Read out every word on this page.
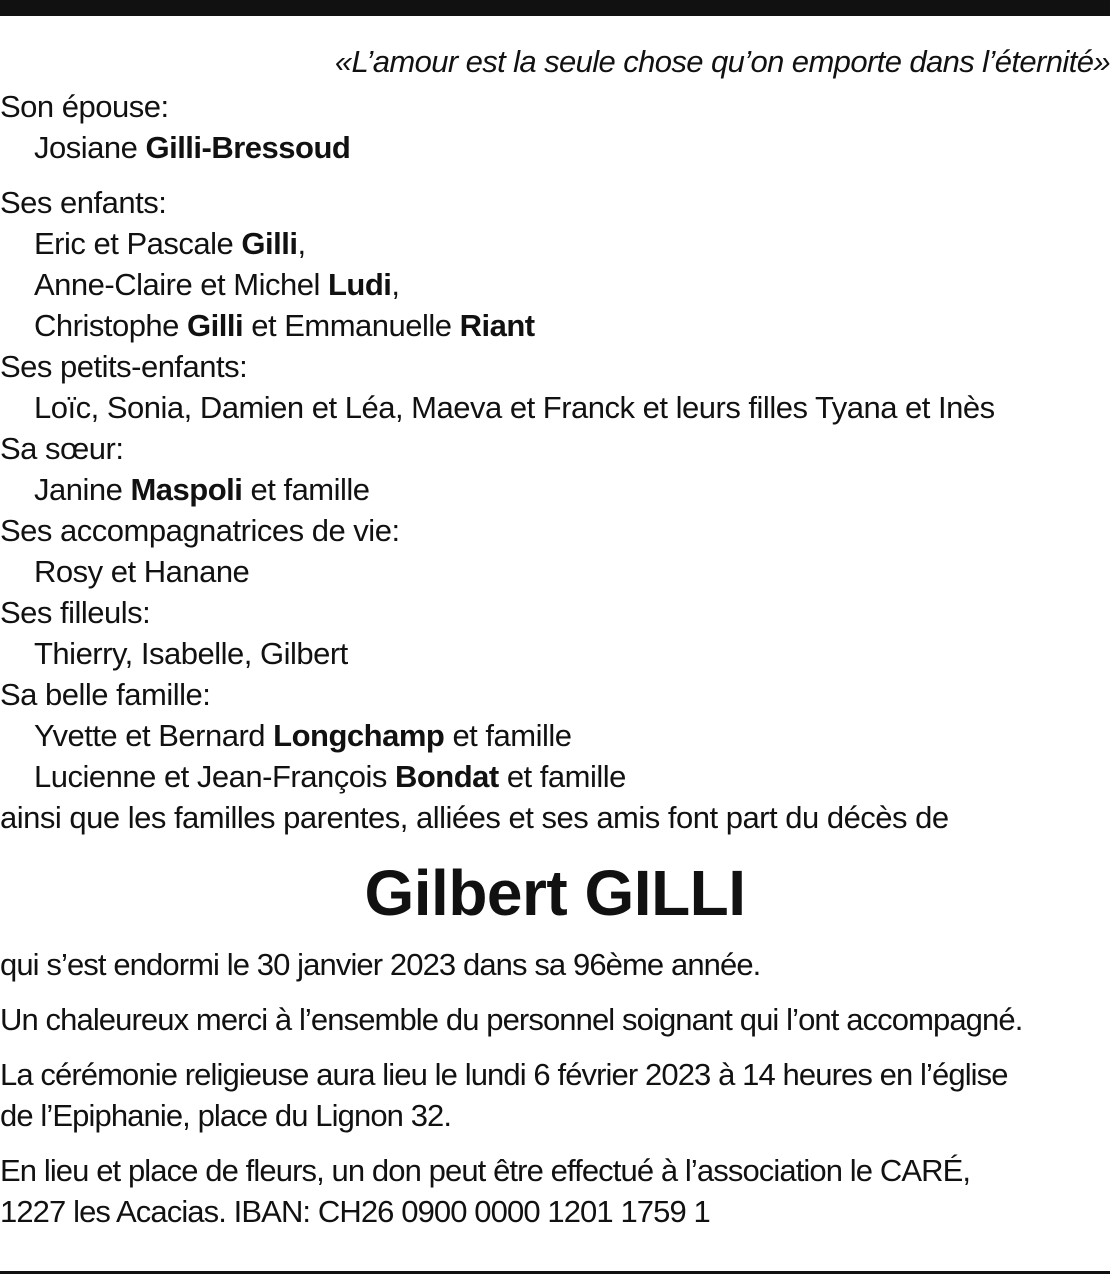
«L’amour est la seule chose qu’on emporte dans l’éternité»
Son épouse:
Josiane Gilli-Bressoud
Ses enfants:
Eric et Pascale Gilli,
Anne-Claire et Michel Ludi,
Christophe Gilli et Emmanuelle Riant
Ses petits-enfants:
Loïc, Sonia, Damien et Léa, Maeva et Franck et leurs filles Tyana et Inès
Sa sœur:
Janine Maspoli et famille
Ses accompagnatrices de vie:
Rosy et Hanane
Ses filleuls:
Thierry, Isabelle, Gilbert
Sa belle famille:
Yvette et Bernard Longchamp et famille
Lucienne et Jean-François Bondat et famille
ainsi que les familles parentes, alliées et ses amis font part du décès de
Gilbert GILLI
qui s’est endormi le 30 janvier 2023 dans sa 96ème année.
Un chaleureux merci à l’ensemble du personnel soignant qui l’ont accompagné.
La cérémonie religieuse aura lieu le lundi 6 février 2023 à 14 heures en l’église
de l’Epiphanie, place du Lignon 32.
En lieu et place de fleurs, un don peut être effectué à l’association le CARÉ,
1227 les Acacias. IBAN: CH26 0900 0000 1201 1759 1
